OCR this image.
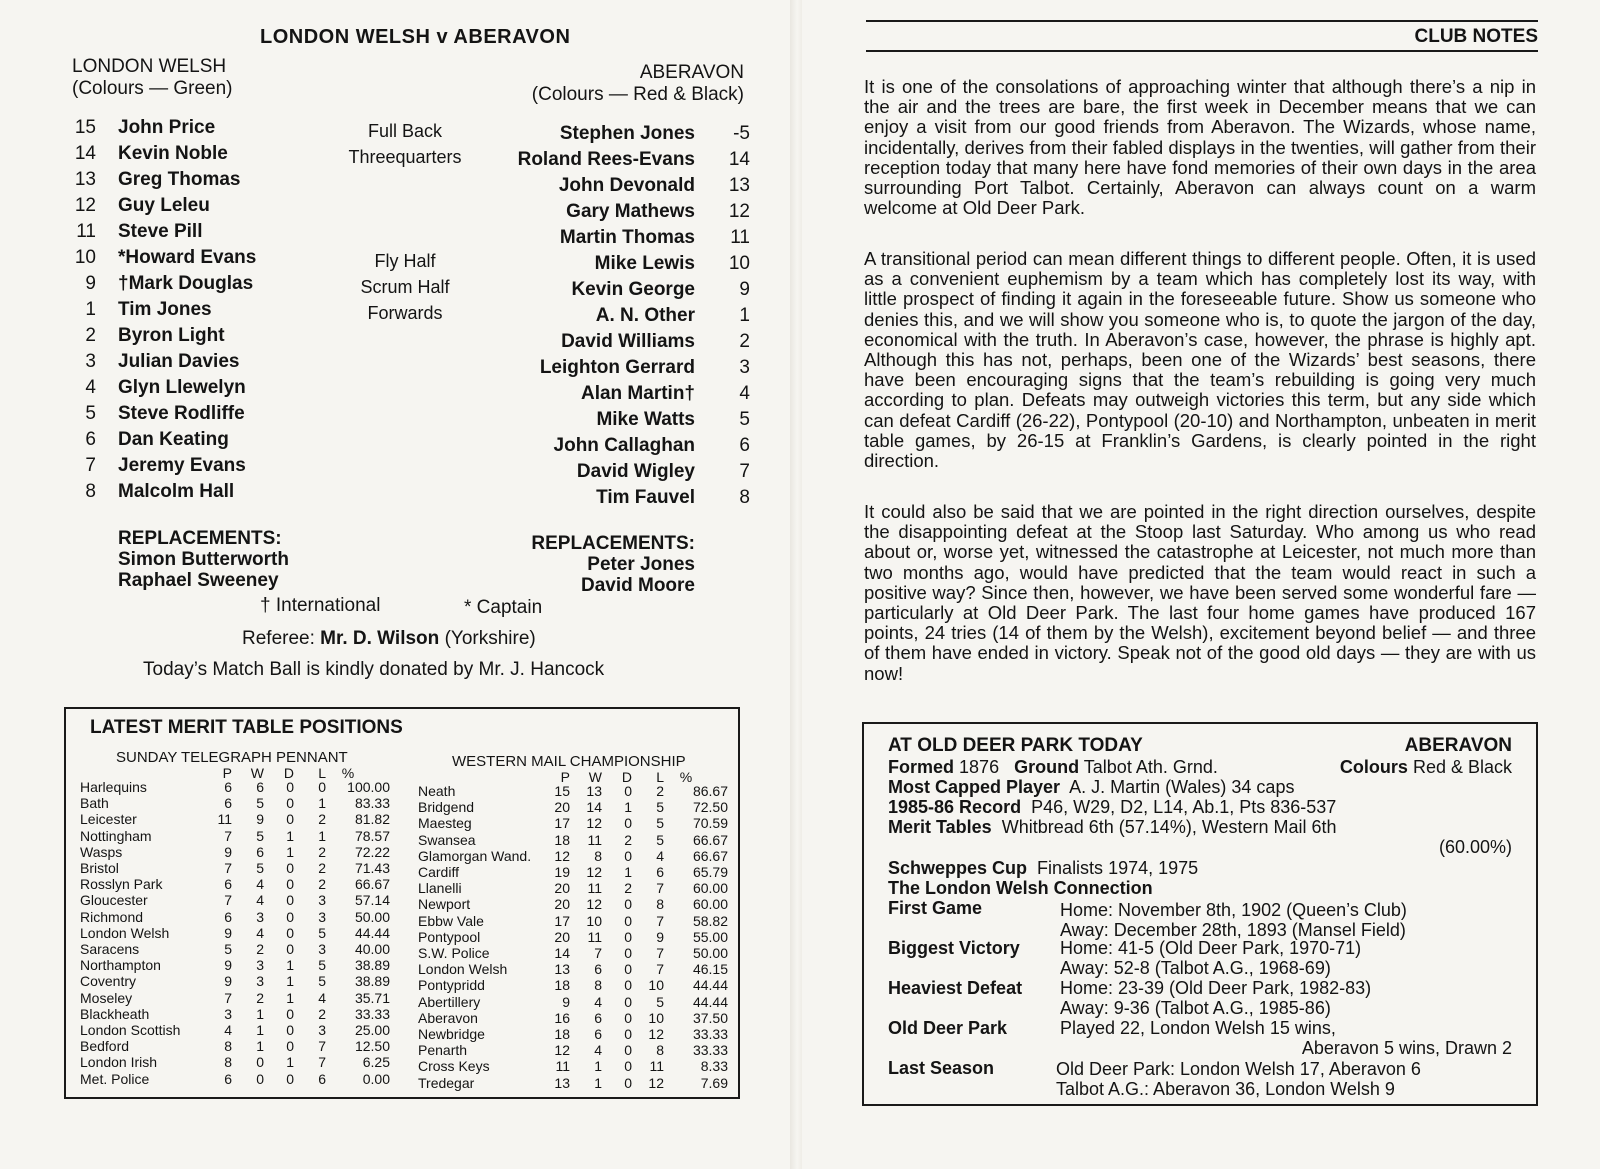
LONDON WELSH v ABERAVON
LONDON WELSH
(Colours — Green)
ABERAVON
(Colours — Red & Black)
15 John Price
14 Kevin Noble
13 Greg Thomas
12 Guy Leleu
11 Steve Pill
10 *Howard Evans
9 †Mark Douglas
1 Tim Jones
2 Byron Light
3 Julian Davies
4 Glyn Llewelyn
5 Steve Rodliffe
6 Dan Keating
7 Jeremy Evans
8 Malcolm Hall
Full Back
Threequarters
Fly Half
Scrum Half
Forwards
Stephen Jones	-5
Roland Rees-Evans	14
John Devonald	13
Gary Mathews	12
Martin Thomas	11
Mike Lewis	10
Kevin George	9
A. N. Other	1
David Williams	2
Leighton Gerrard	3
Alan Martin†	4
Mike Watts	5
John Callaghan	6
David Wigley	7
Tim Fauvel	8
REPLACEMENTS:
Simon Butterworth
Raphael Sweeney
REPLACEMENTS:
Peter Jones
David Moore
† International	* Captain
Referee: Mr. D. Wilson (Yorkshire)
Today’s Match Ball is kindly donated by Mr. J. Hancock
LATEST MERIT TABLE POSITIONS
SUNDAY TELEGRAPH PENNANT	WESTERN MAIL CHAMPIONSHIP
P	W	D	L	%
Harlequins	6	6	0	0	100.00
Bath	6	5	0	1	83.33
Leicester	11	9	0	2	81.82
Nottingham	7	5	1	1	78.57
Wasps	9	6	1	2	72.22
Bristol	7	5	0	2	71.43
Rosslyn Park	6	4	0	2	66.67
Gloucester	7	4	0	3	57.14
Richmond	6	3	0	3	50.00
London Welsh	9	4	0	5	44.44
Saracens	5	2	0	3	40.00
Northampton	9	3	1	5	38.89
Coventry	9	3	1	5	38.89
Moseley	7	2	1	4	35.71
Blackheath	3	1	0	2	33.33
London Scottish	4	1	0	3	25.00
Bedford	8	1	0	7	12.50
London Irish	8	0	1	7	6.25
Met. Police	6	0	0	6	0.00
P	W	D	L	%
Neath	15	13	0	2	86.67
Bridgend	20	14	1	5	72.50
Maesteg	17	12	0	5	70.59
Swansea	18	11	2	5	66.67
Glamorgan Wand.	12	8	0	4	66.67
Cardiff	19	12	1	6	65.79
Llanelli	20	11	2	7	60.00
Newport	20	12	0	8	60.00
Ebbw Vale	17	10	0	7	58.82
Pontypool	20	11	0	9	55.00
S.W. Police	14	7	0	7	50.00
London Welsh	13	6	0	7	46.15
Pontypridd	18	8	0	10	44.44
Abertillery	9	4	0	5	44.44
Aberavon	16	6	0	10	37.50
Newbridge	18	6	0	12	33.33
Penarth	12	4	0	8	33.33
Cross Keys	11	1	0	11	8.33
Tredegar	13	1	0	12	7.69
CLUB NOTES

It is one of the consolations of approaching winter that although there’s a nip in the air and the trees are bare, the first week in December means that we can enjoy a visit from our good friends from Aberavon. The Wizards, whose name, incidentally, derives from their fabled displays in the twenties, will gather from their reception today that many here have fond memories of their own days in the area surrounding Port Talbot. Certainly, Aberavon can always count on a warm welcome at Old Deer Park.

A transitional period can mean different things to different people. Often, it is used as a convenient euphemism by a team which has completely lost its way, with little prospect of finding it again in the foreseeable future. Show us someone who denies this, and we will show you someone who is, to quote the jargon of the day, economical with the truth. In Aberavon’s case, however, the phrase is highly apt. Although this has not, perhaps, been one of the Wizards’ best seasons, there have been encouraging signs that the team’s rebuilding is going very much according to plan. Defeats may outweigh victories this term, but any side which can defeat Cardiff (26-22), Pontypool (20-10) and Northampton, unbeaten in merit table games, by 26-15 at Franklin’s Gardens, is clearly pointed in the right direction.

It could also be said that we are pointed in the right direction ourselves, despite the disappointing defeat at the Stoop last Saturday. Who among us who read about or, worse yet, witnessed the catastrophe at Leicester, not much more than two months ago, would have predicted that the team would react in such a positive way? Since then, however, we have been served some wonderful fare — particularly at Old Deer Park. The last four home games have produced 167 points, 24 tries (14 of them by the Welsh), excitement beyond belief — and three of them have ended in victory. Speak not of the good old days — they are with us now!

AT OLD DEER PARK TODAY	ABERAVON
Formed 1876 Ground Talbot Ath. Grnd.	Colours Red & Black
Most Capped Player A. J. Martin (Wales) 34 caps
1985-86 Record P46, W29, D2, L14, Ab.1, Pts 836-537
Merit Tables Whitbread 6th (57.14%), Western Mail 6th
(60.00%)
Schweppes Cup Finalists 1974, 1975
The London Welsh Connection
First Game	Home: November 8th, 1902 (Queen’s Club)
Away: December 28th, 1893 (Mansel Field)
Biggest Victory Home: 41-5 (Old Deer Park, 1970-71)
Away: 52-8 (Talbot A.G., 1968-69)
Heaviest Defeat Home: 23-39 (Old Deer Park, 1982-83)
Away: 9-36 (Talbot A.G., 1985-86)
Old Deer Park	Played 22, London Welsh 15 wins,
Aberavon 5 wins, Drawn 2
Last Season	Old Deer Park: London Welsh 17, Aberavon 6
Talbot A.G.: Aberavon 36, London Welsh 9
